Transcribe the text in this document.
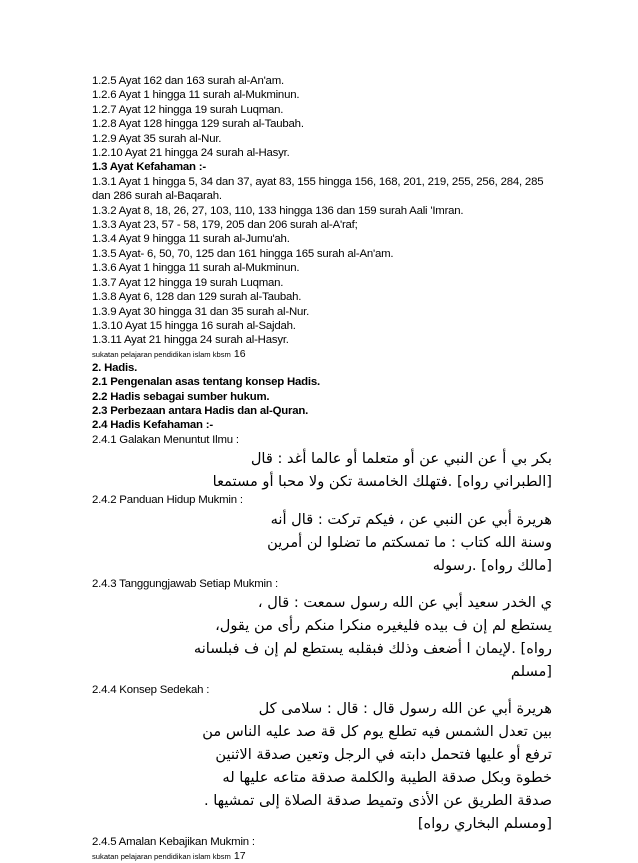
1.2.5 Ayat 162 dan 163 surah al-An'am.
1.2.6 Ayat 1 hingga 11 surah al-Mukminun.
1.2.7 Ayat 12 hingga 19 surah Luqman.
1.2.8 Ayat 128 hingga 129 surah al-Taubah.
1.2.9 Ayat 35 surah al-Nur.
1.2.10 Ayat 21 hingga 24 surah al-Hasyr.
1.3 Ayat Kefahaman :-
1.3.1 Ayat 1 hingga 5, 34 dan 37, ayat 83, 155 hingga 156, 168, 201, 219, 255, 256, 284, 285 dan 286 surah al-Baqarah.
1.3.2 Ayat 8, 18, 26, 27, 103, 110, 133 hingga 136 dan 159 surah Aali 'Imran.
1.3.3 Ayat 23, 57 - 58, 179, 205 dan 206 surah al-A'raf;
1.3.4 Ayat 9 hingga 11 surah al-Jumu'ah.
1.3.5 Ayat- 6, 50, 70, 125 dan 161 hingga 165 surah al-An'am.
1.3.6 Ayat 1 hingga 11 surah al-Mukminun.
1.3.7 Ayat 12 hingga 19 surah Luqman.
1.3.8 Ayat 6, 128 dan 129 surah al-Taubah.
1.3.9 Ayat 30 hingga 31 dan 35 surah al-Nur.
1.3.10 Ayat 15 hingga 16 surah al-Sajdah.
1.3.11 Ayat 21 hingga 24 surah al-Hasyr.
sukatan pelajaran pendidikan islam kbsm 16
2. Hadis.
2.1 Pengenalan asas tentang konsep Hadis.
2.2 Hadis sebagai sumber hukum.
2.3 Perbezaan antara Hadis dan al-Quran.
2.4 Hadis Kefahaman :-
2.4.1 Galakan Menuntut Ilmu :
بكر بي أ عن النبي عن أو متعلما أو عالما أغد : قال
[الطبراني رواه] .فتهلك الخامسة تكن ولا محبا أو مستمعا
2.4.2 Panduan Hidup Mukmin :
هريرة أبي عن النبي عن ، فيكم تركت : قال أنه
وسنة الله كتاب : ما تمسكتم ما تضلوا لن أمرين
[مالك رواه] .رسوله
2.4.3 Tanggungjawab Setiap Mukmin :
ي الخدر سعيد أبي عن الله رسول سمعت : قال ،
يستطع لم إن ف بيده فليغيره منكرا منكم رأى من يقول،
رواه] .لإيمان ا أضعف وذلك فبقلبه يستطع لم إن ف فبلسانه
[مسلم
2.4.4 Konsep Sedekah :
هريرة أبي عن الله رسول قال : قال : سلامى كل
بين تعدل الشمس فيه تطلع يوم كل قة صد عليه الناس من
ترفع أو عليها فتحمل دابته في الرجل وتعين صدقة الاثنين
خطوة وبكل صدقة الطيبة والكلمة صدقة متاعه عليها له
صدقة الطريق عن الأذى وتميط صدقة الصلاة إلى تمشيها .
[ومسلم البخاري رواه]
2.4.5 Amalan Kebajikan Mukmin :
sukatan pelajaran pendidikan islam kbsm 17
